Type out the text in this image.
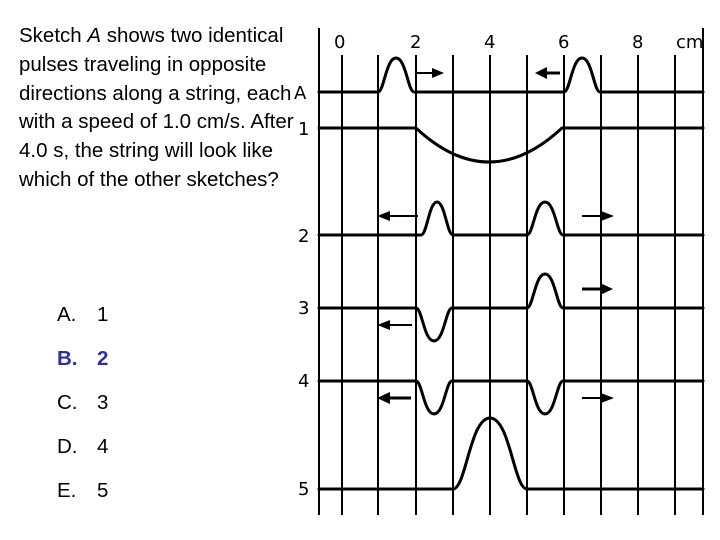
Sketch A shows two identical pulses traveling in opposite directions along a string, each with a speed of 1.0 cm/s. After 4.0 s, the string will look like which of the other sketches?

A.	1
B. 2
C. 3
D. 4
E.	5
0	2	4	6	8 cm
A
1
2
3
4
5
